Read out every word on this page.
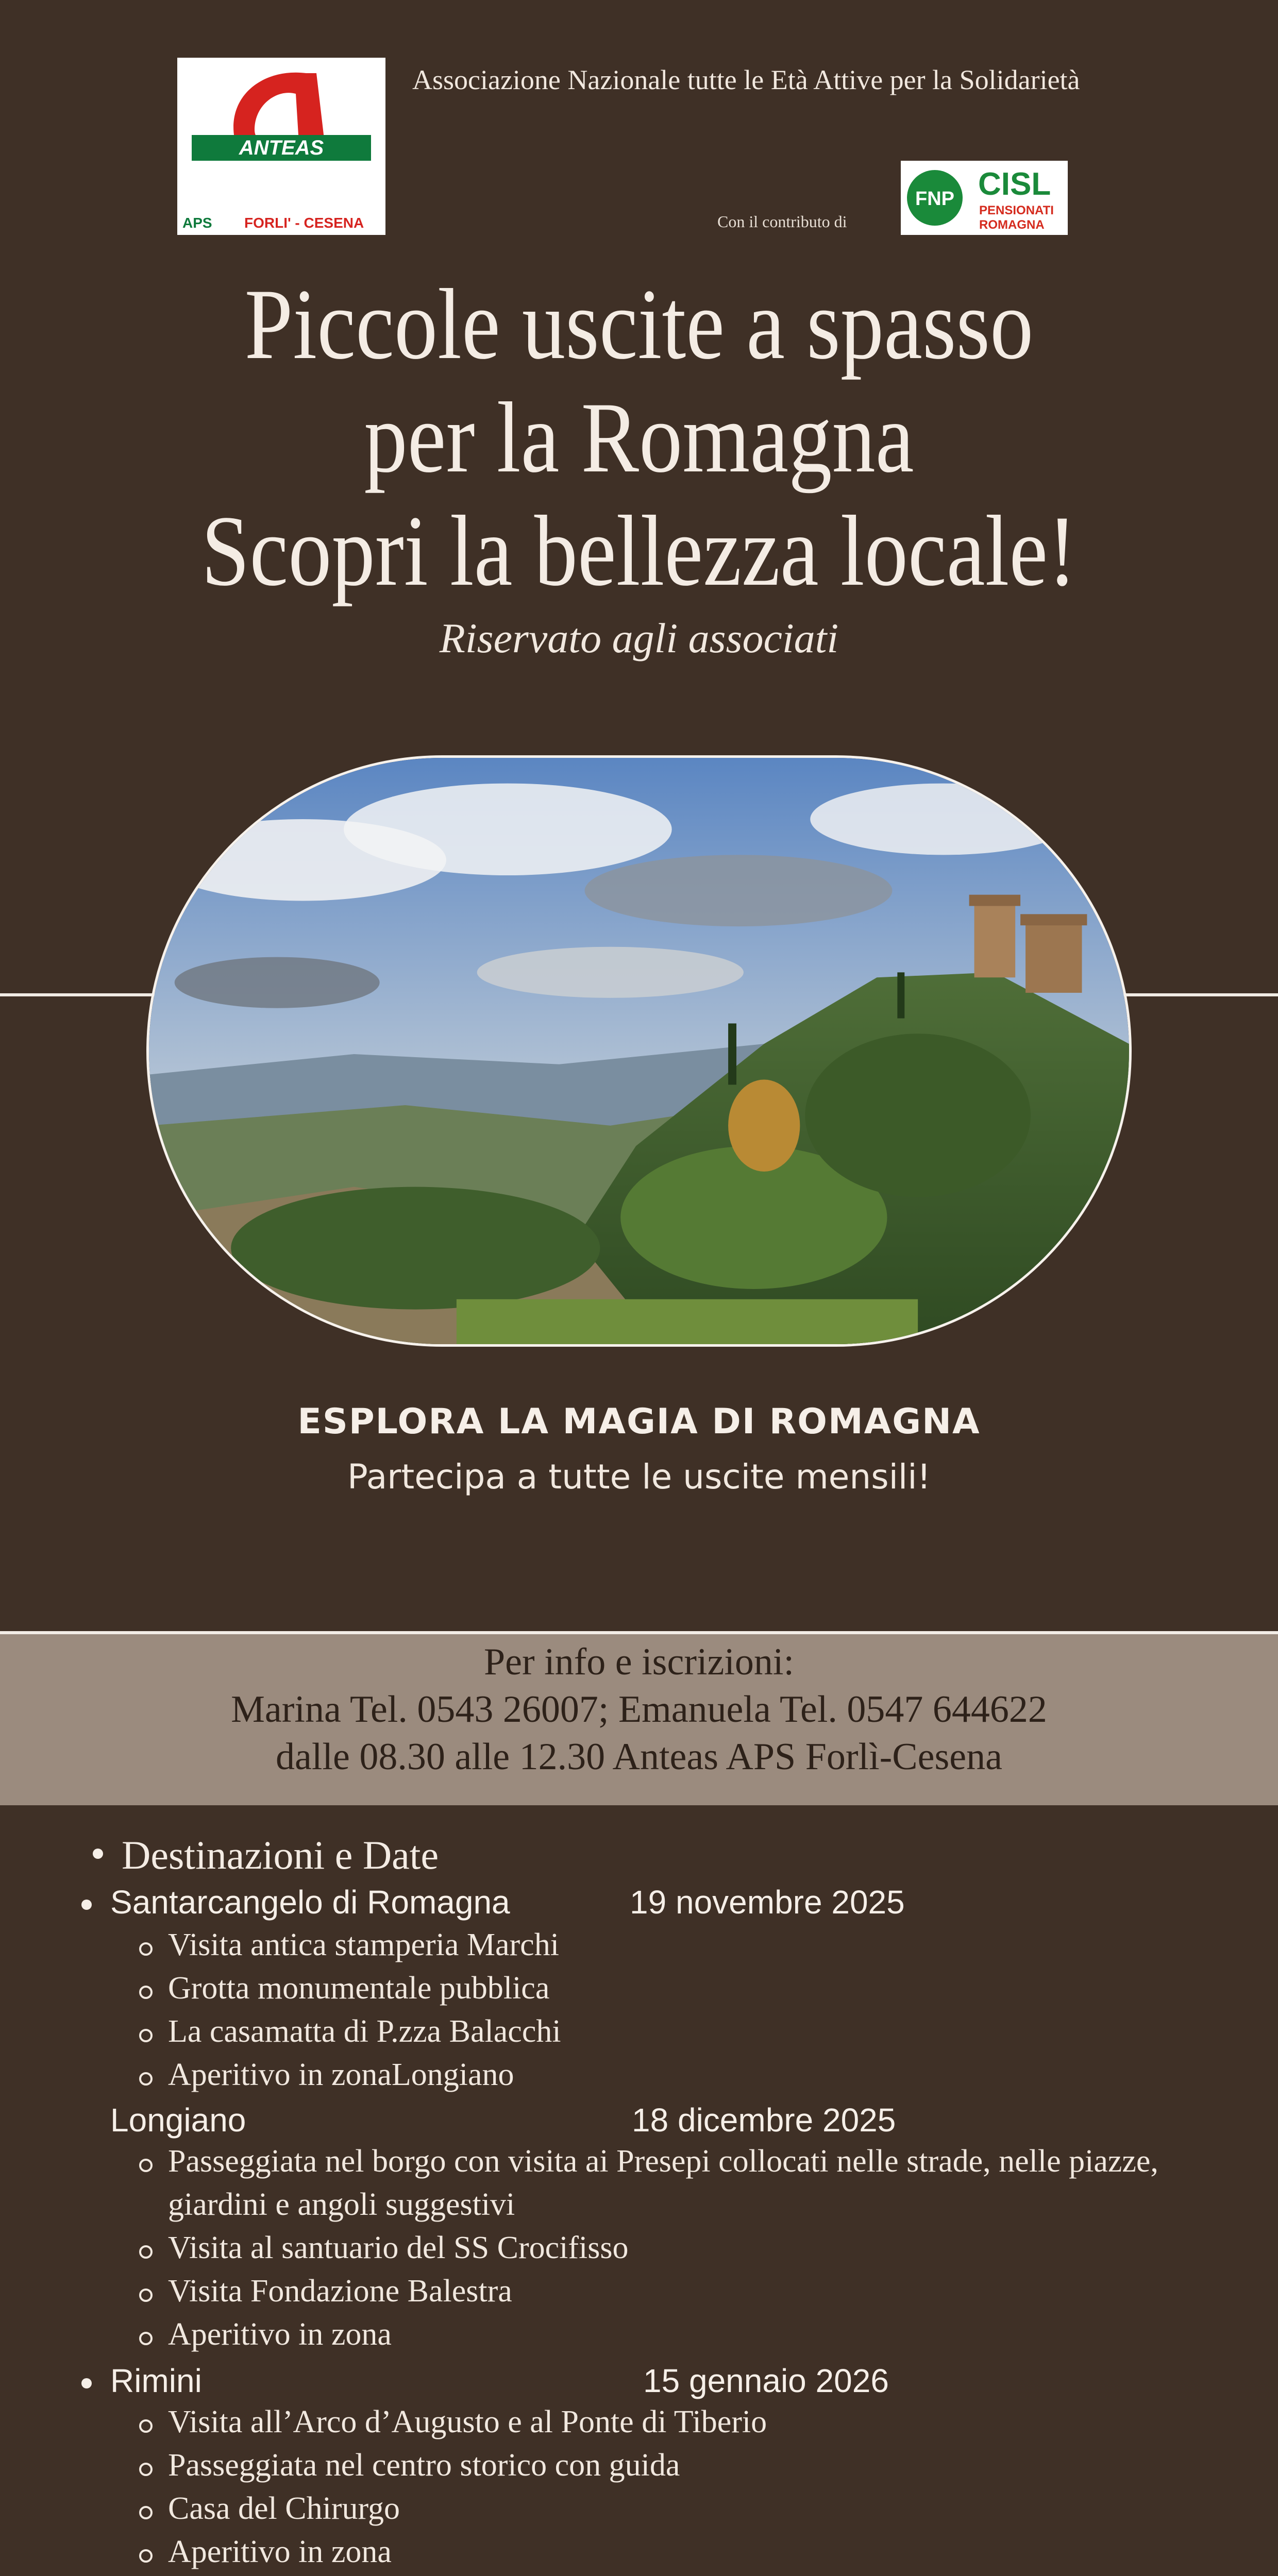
ANTEAS
APS FORLI' - CESENA
Associazione Nazionale tutte le Età Attive per la Solidarietà
Con il contributo di
FNP CISL
PENSIONATI
ROMAGNA
Piccole uscite a spasso
per la Romagna
Scopri la bellezza locale!
Riservato agli associati
ESPLORA LA MAGIA DI ROMAGNA
Partecipa a tutte le uscite mensili!
Per info e iscrizioni:
Marina Tel. 0543 26007; Emanuela Tel. 0547 644622
dalle 08.30 alle 12.30 Anteas APS Forlì-Cesena
Destinazioni e Date
Santarcangelo di Romagna	19 novembre 2025
Visita antica stamperia Marchi
Grotta monumentale pubblica
La casamatta di P.zza Balacchi
Aperitivo in zonaLongiano
Longiano	18 dicembre 2025
Passeggiata nel borgo con visita ai Presepi collocati nelle strade, nelle piazze,
giardini e angoli suggestivi
Visita al santuario del SS Crocifisso
Visita Fondazione Balestra
Aperitivo in zona
Rimini	15 gennaio 2026
Visita all’Arco d’Augusto e al Ponte di Tiberio
Passeggiata nel centro storico con guida
Casa del Chirurgo
Aperitivo in zona
